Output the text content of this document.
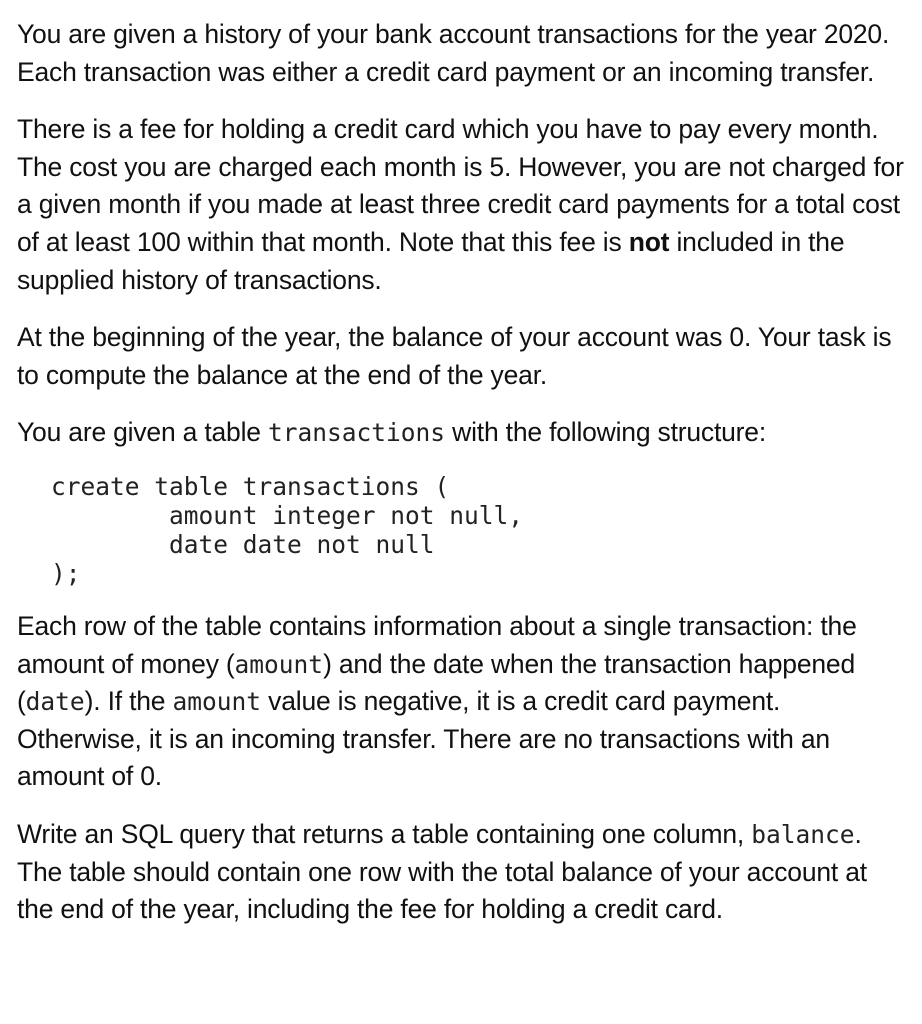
You are given a history of your bank account transactions for the year 2020. Each transaction was either a credit card payment or an incoming transfer.

There is a fee for holding a credit card which you have to pay every month. The cost you are charged each month is 5. However, you are not charged for a given month if you made at least three credit card payments for a total cost of at least 100 within that month. Note that this fee is not included in the supplied history of transactions.

At the beginning of the year, the balance of your account was 0. Your task is to compute the balance at the end of the year.

You are given a table transactions with the following structure:

create table transactions (
amount integer not null,
date date not null
);

Each row of the table contains information about a single transaction: the amount of money (amount) and the date when the transaction happened (date). If the amount value is negative, it is a credit card payment. Otherwise, it is an incoming transfer. There are no transactions with an amount of 0.

Write an SQL query that returns a table containing one column, balance. The table should contain one row with the total balance of your account at the end of the year, including the fee for holding a credit card.
